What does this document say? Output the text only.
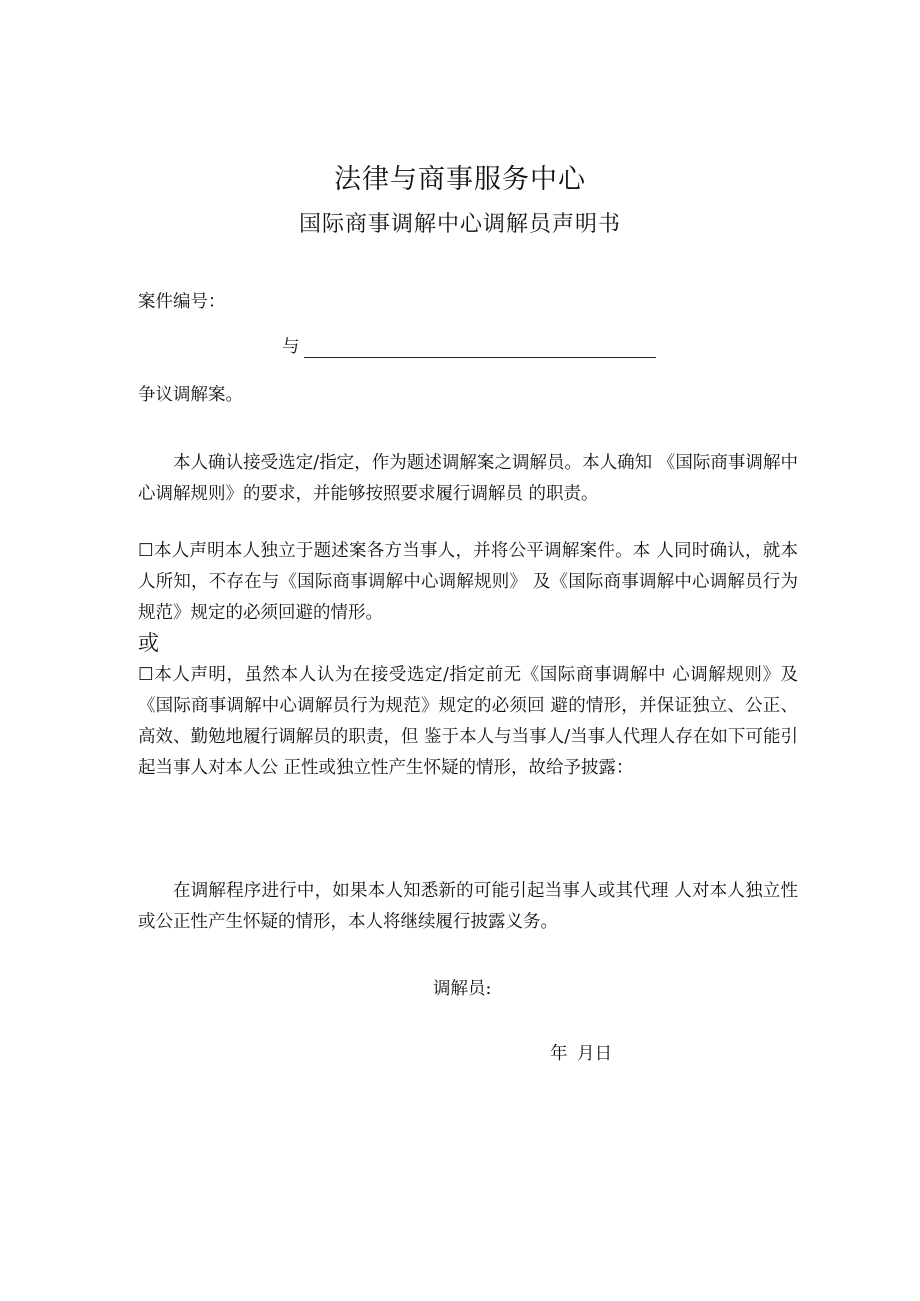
法律与商事服务中心
国际商事调解中心调解员声明书
案件编号：
与
争议调解案。
本人确认接受选定/指定，作为题述调解案之调解员。本人确知 《国际商事调解中心调解规则》的要求，并能够按照要求履行调解员 的职责。
☐本人声明本人独立于题述案各方当事人，并将公平调解案件。本 人同时确认，就本人所知，不存在与《国际商事调解中心调解规则》 及《国际商事调解中心调解员行为规范》规定的必须回避的情形。
或
☐本人声明，虽然本人认为在接受选定/指定前无《国际商事调解中 心调解规则》及《国际商事调解中心调解员行为规范》规定的必须回 避的情形，并保证独立、公正、高效、勤勉地履行调解员的职责，但 鉴于本人与当事人/当事人代理人存在如下可能引起当事人对本人公 正性或独立性产生怀疑的情形，故给予披露：
在调解程序进行中，如果本人知悉新的可能引起当事人或其代理 人对本人独立性或公正性产生怀疑的情形，本人将继续履行披露义务。
调解员:
年 月日
